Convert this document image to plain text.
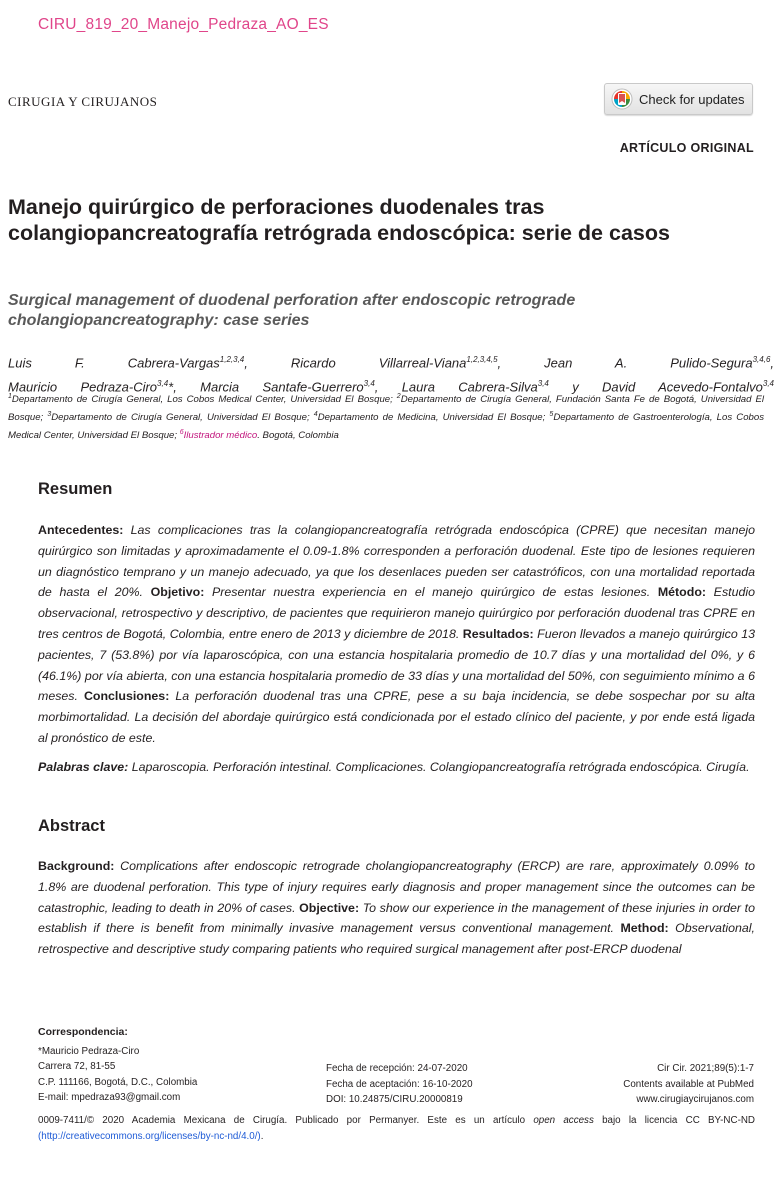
CIRU_819_20_Manejo_Pedraza_AO_ES
CIRUGIA Y CIRUJANOS	Check for updates
ARTÍCULO ORIGINAL
Manejo quirúrgico de perforaciones duodenales tras colangiopancreatografía retrógrada endoscópica: serie de casos
Surgical management of duodenal perforation after endoscopic retrograde cholangiopancreatography: case series
Luis F. Cabrera-Vargas$^{1,2,3,4}$, Ricardo Villarreal-Viana$^{1,2,3,4,5}$, Jean A. Pulido-Segura$^{3,4,6}$,
Mauricio Pedraza-Ciro$^{3,4}$*, Marcia Santafe-Guerrero$^{3,4}$, Laura Cabrera-Silva$^{3,4}$ y David Acevedo-Fontalvo$^{3,4}$

$^1$Departamento de Cirugía General, Los Cobos Medical Center, Universidad El Bosque; $^2$Departamento de Cirugía General, Fundación Santa Fe de Bogotá, Universidad El Bosque; $^3$Departamento de Cirugía General, Universidad El Bosque; $^4$Departamento de Medicina, Universidad El Bosque; $^5$Departamento de Gastroenterología, Los Cobos Medical Center, Universidad El Bosque; $^6$Ilustrador médico. Bogotá, Colombia

Resumen

Antecedentes: Las complicaciones tras la colangiopancreatografía retrógrada endoscópica (CPRE) que necesitan manejo quirúrgico son limitadas y aproximadamente el 0.09-1.8% corresponden a perforación duodenal. Este tipo de lesiones requieren un diagnóstico temprano y un manejo adecuado, ya que los desenlaces pueden ser catastróficos, con una mortalidad reportada de hasta el 20%. Objetivo: Presentar nuestra experiencia en el manejo quirúrgico de estas lesiones. Método: Estudio observacional, retrospectivo y descriptivo, de pacientes que requirieron manejo quirúrgico por perforación duodenal tras CPRE en tres centros de Bogotá, Colombia, entre enero de 2013 y diciembre de 2018. Resultados: Fueron llevados a manejo quirúrgico 13 pacientes, 7 (53.8%) por vía laparoscópica, con una estancia hospitalaria promedio de 10.7 días y una mortalidad del 0%, y 6 (46.1%) por vía abierta, con una estancia hospitalaria promedio de 33 días y una mortalidad del 50%, con seguimiento mínimo a 6 meses. Conclusiones: La perforación duodenal tras una CPRE, pese a su baja incidencia, se debe sospechar por su alta morbimortalidad. La decisión del abordaje quirúrgico está condicionada por el estado clínico del paciente, y por ende está ligada al pronóstico de este.

Palabras clave: Laparoscopia. Perforación intestinal. Complicaciones. Colangiopancreatografía retrógrada endoscópica. Cirugía.

Abstract

Background: Complications after endoscopic retrograde cholangiopancreatography (ERCP) are rare, approximately 0.09% to 1.8% are duodenal perforation. This type of injury requires early diagnosis and proper management since the outcomes can be catastrophic, leading to death in 20% of cases. Objective: To show our experience in the management of these injuries in order to establish if there is benefit from minimally invasive management versus conventional management. Method: Observational, retrospective and descriptive study comparing patients who required surgical management after post-ERCP duodenal

Correspondencia:
*Mauricio Pedraza-Ciro
Carrera 72, 81-55
C.P. 111166, Bogotá, D.C., Colombia
E-mail: mpedraza93@gmail.com
Fecha de recepción: 24-07-2020
Fecha de aceptación: 16-10-2020
DOI: 10.24875/CIRU.20000819
Cir Cir. 2021;89(5):1-7
Contents available at PubMed
www.cirugiaycirujanos.com

0009-7411/© 2020 Academia Mexicana de Cirugía. Publicado por Permanyer. Este es un artículo open access bajo la licencia CC BY-NC-ND (http://creativecommons.org/licenses/by-nc-nd/4.0/).
